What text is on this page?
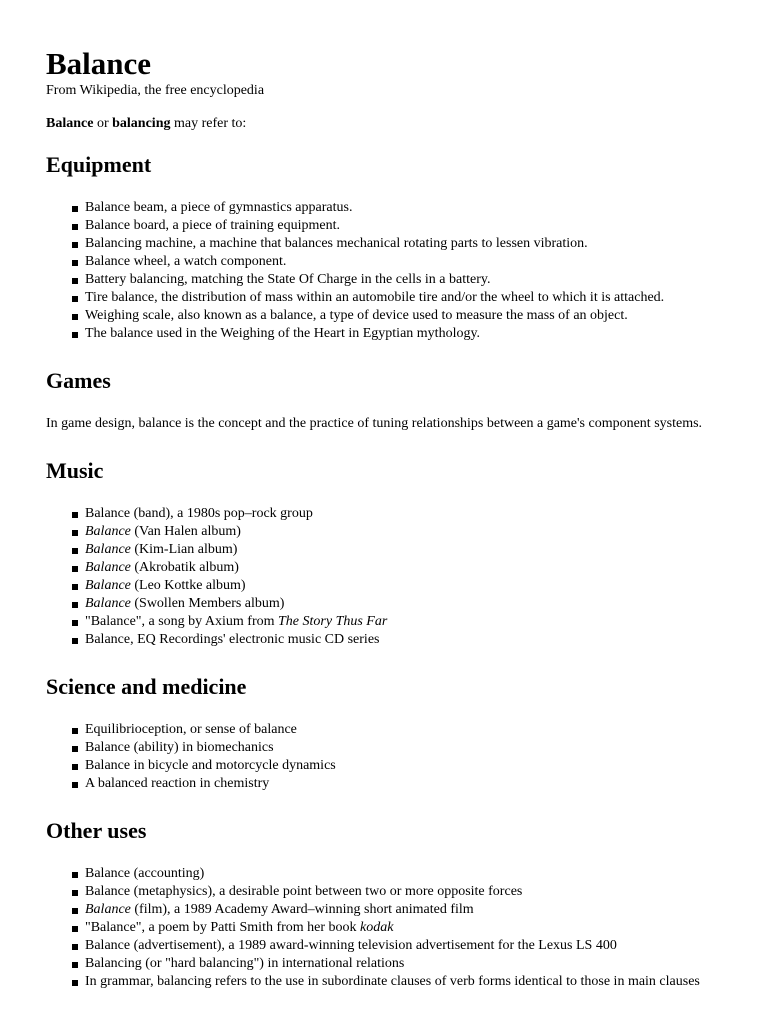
Balance

From Wikipedia, the free encyclopedia

Balance or balancing may refer to:

Equipment
Balance beam, a piece of gymnastics apparatus.
Balance board, a piece of training equipment.
Balancing machine, a machine that balances mechanical rotating parts to lessen vibration.
Balance wheel, a watch component.
Battery balancing, matching the State Of Charge in the cells in a battery.
Tire balance, the distribution of mass within an automobile tire and/or the wheel to which it is attached.
Weighing scale, also known as a balance, a type of device used to measure the mass of an object.
The balance used in the Weighing of the Heart in Egyptian mythology.
Games

In game design, balance is the concept and the practice of tuning relationships between a game's component systems.

Music
Balance (band), a 1980s pop–rock group
Balance (Van Halen album)
Balance (Kim-Lian album)
Balance (Akrobatik album)
Balance (Leo Kottke album)
Balance (Swollen Members album)
"Balance", a song by Axium from The Story Thus Far
Balance, EQ Recordings' electronic music CD series
Science and medicine
Equilibrioception, or sense of balance
Balance (ability) in biomechanics
Balance in bicycle and motorcycle dynamics
A balanced reaction in chemistry
Other uses
Balance (accounting)
Balance (metaphysics), a desirable point between two or more opposite forces
Balance (film), a 1989 Academy Award–winning short animated film
"Balance", a poem by Patti Smith from her book kodak
Balance (advertisement), a 1989 award-winning television advertisement for the Lexus LS 400
Balancing (or "hard balancing") in international relations
In grammar, balancing refers to the use in subordinate clauses of verb forms identical to those in main clauses
